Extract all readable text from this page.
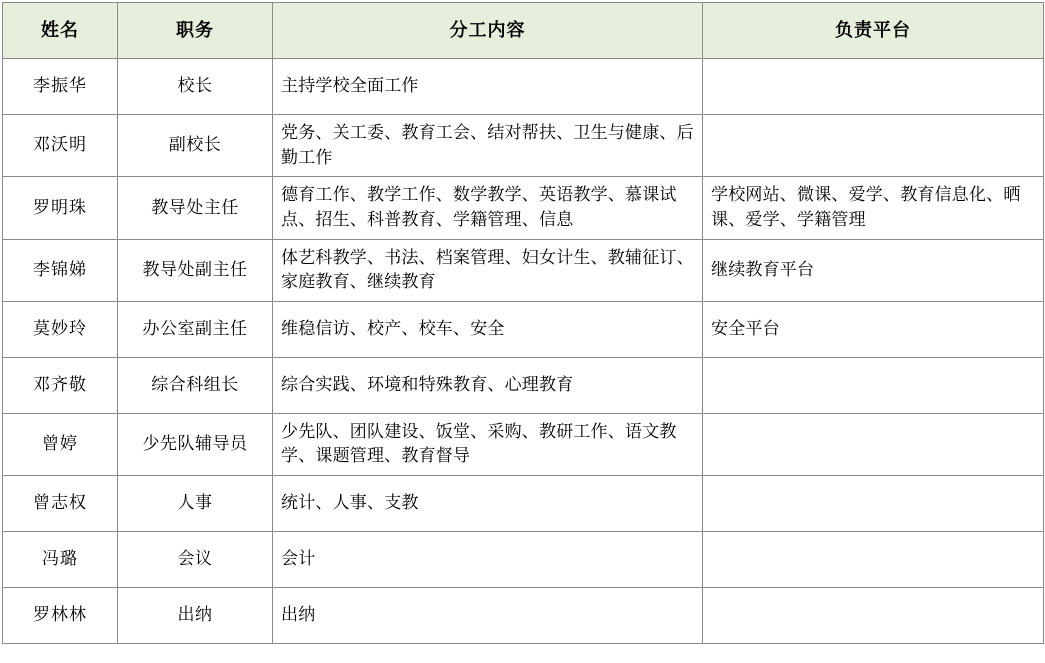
姓名	职务	分工内容	负责平台
李振华	校长	主持学校全面工作	
邓沃明	副校长	党务、关工委、教育工会、结对帮扶、卫生与健康、后勤工作	
罗明珠	教导处主任	德育工作、教学工作、数学教学、英语教学、慕课试点、招生、科普教育、学籍管理、信息	学校网站、微课、爱学、教育信息化、晒课、爱学、学籍管理
李锦娣	教导处副主任	体艺科教学、书法、档案管理、妇女计生、教辅征订、家庭教育、继续教育	继续教育平台
莫妙玲	办公室副主任	维稳信访、校产、校车、安全	安全平台
邓齐敬	综合科组长	综合实践、环境和特殊教育、心理教育	
曾婷	少先队辅导员	少先队、团队建设、饭堂、采购、教研工作、语文教学、课题管理、教育督导	
曾志权	人事	统计、人事、支教	
冯璐	会议	会计	
罗林林	出纳	出纳	
